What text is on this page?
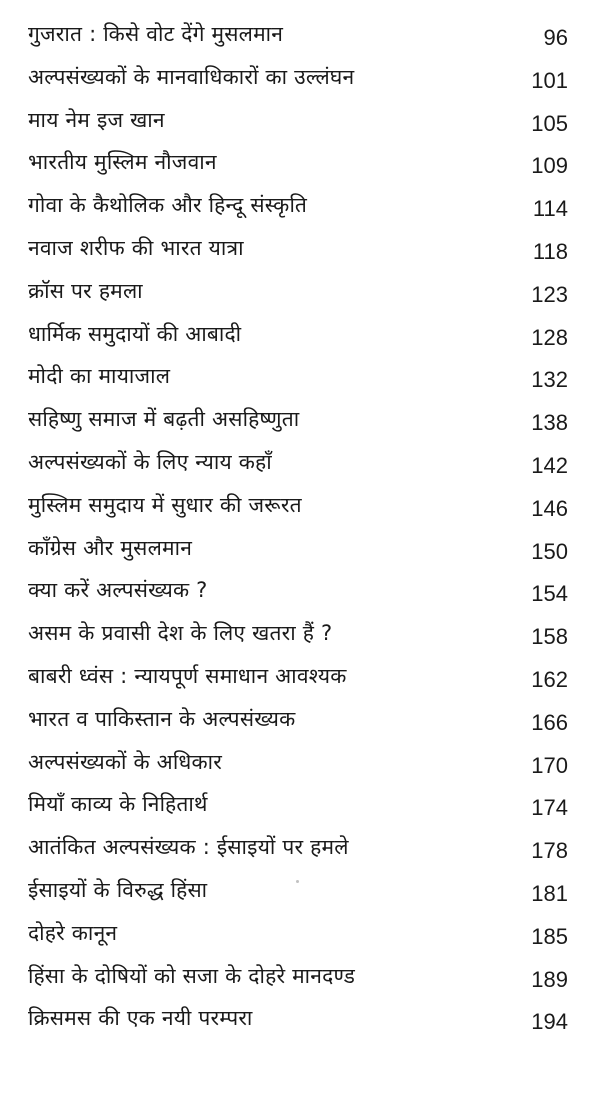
गुजरात : किसे वोट देंगे मुसलमान	96
अल्पसंख्यकों के मानवाधिकारों का उल्लंघन	101
माय नेम इज खान	105
भारतीय मुस्लिम नौजवान	109
गोवा के कैथोलिक और हिन्दू संस्कृति	114
नवाज शरीफ की भारत यात्रा	118
क्रॉस पर हमला	123
धार्मिक समुदायों की आबादी	128
मोदी का मायाजाल	132
सहिष्णु समाज में बढ़ती असहिष्णुता	138
अल्पसंख्यकों के लिए न्याय कहाँ	142
मुस्लिम समुदाय में सुधार की जरूरत	146
काँग्रेस और मुसलमान	150
क्या करें अल्पसंख्यक ?	154
असम के प्रवासी देश के लिए खतरा हैं ?	158
बाबरी ध्वंस : न्यायपूर्ण समाधान आवश्यक	162
भारत व पाकिस्तान के अल्पसंख्यक	166
अल्पसंख्यकों के अधिकार	170
मियाँ काव्य के निहितार्थ	174
आतंकित अल्पसंख्यक : ईसाइयों पर हमले	178
ईसाइयों के विरुद्ध हिंसा	181
दोहरे कानून	185
हिंसा के दोषियों को सजा के दोहरे मानदण्ड	189
क्रिसमस की एक नयी परम्परा	194
